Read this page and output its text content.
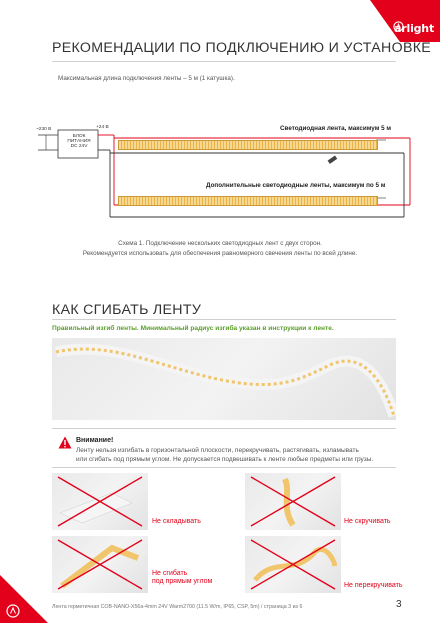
arlight
РЕКОМЕНДАЦИИ ПО ПОДКЛЮЧЕНИЮ И УСТАНОВКЕ
Максимальная длина подключения ленты – 5 м (1 катушка).
~230 В
БЛОК
ПИТАНИЯ
DC 24V
+24 В	Светодиодная лента, максимум 5 м
Дополнительные светодиодные ленты, максимум по 5 м
Схема 1. Подключение нескольких светодиодных лент с двух сторон.
Рекомендуется использовать для обеспечения равномерного свечения ленты по всей длине.
КАК СГИБАТЬ ЛЕНТУ
Правильный изгиб ленты. Минимальный радиус изгиба указан в инструкции к ленте.
Внимание!
Ленту нельзя изгибать в горизонтальной плоскости, перекручивать, растягивать, изламывать
или сгибать под прямым углом. Не допускается подвешивать к ленте любые предметы или грузы.
Не складывать	Не скручивать
Не сгибать
под прямым углом
Не перекручивать
Лента герметичная COB-NANO-X56a-4mm 24V Warm2700 (11.5 W/m, IP65, CSP, 5m) / страница 3 из 6	3
